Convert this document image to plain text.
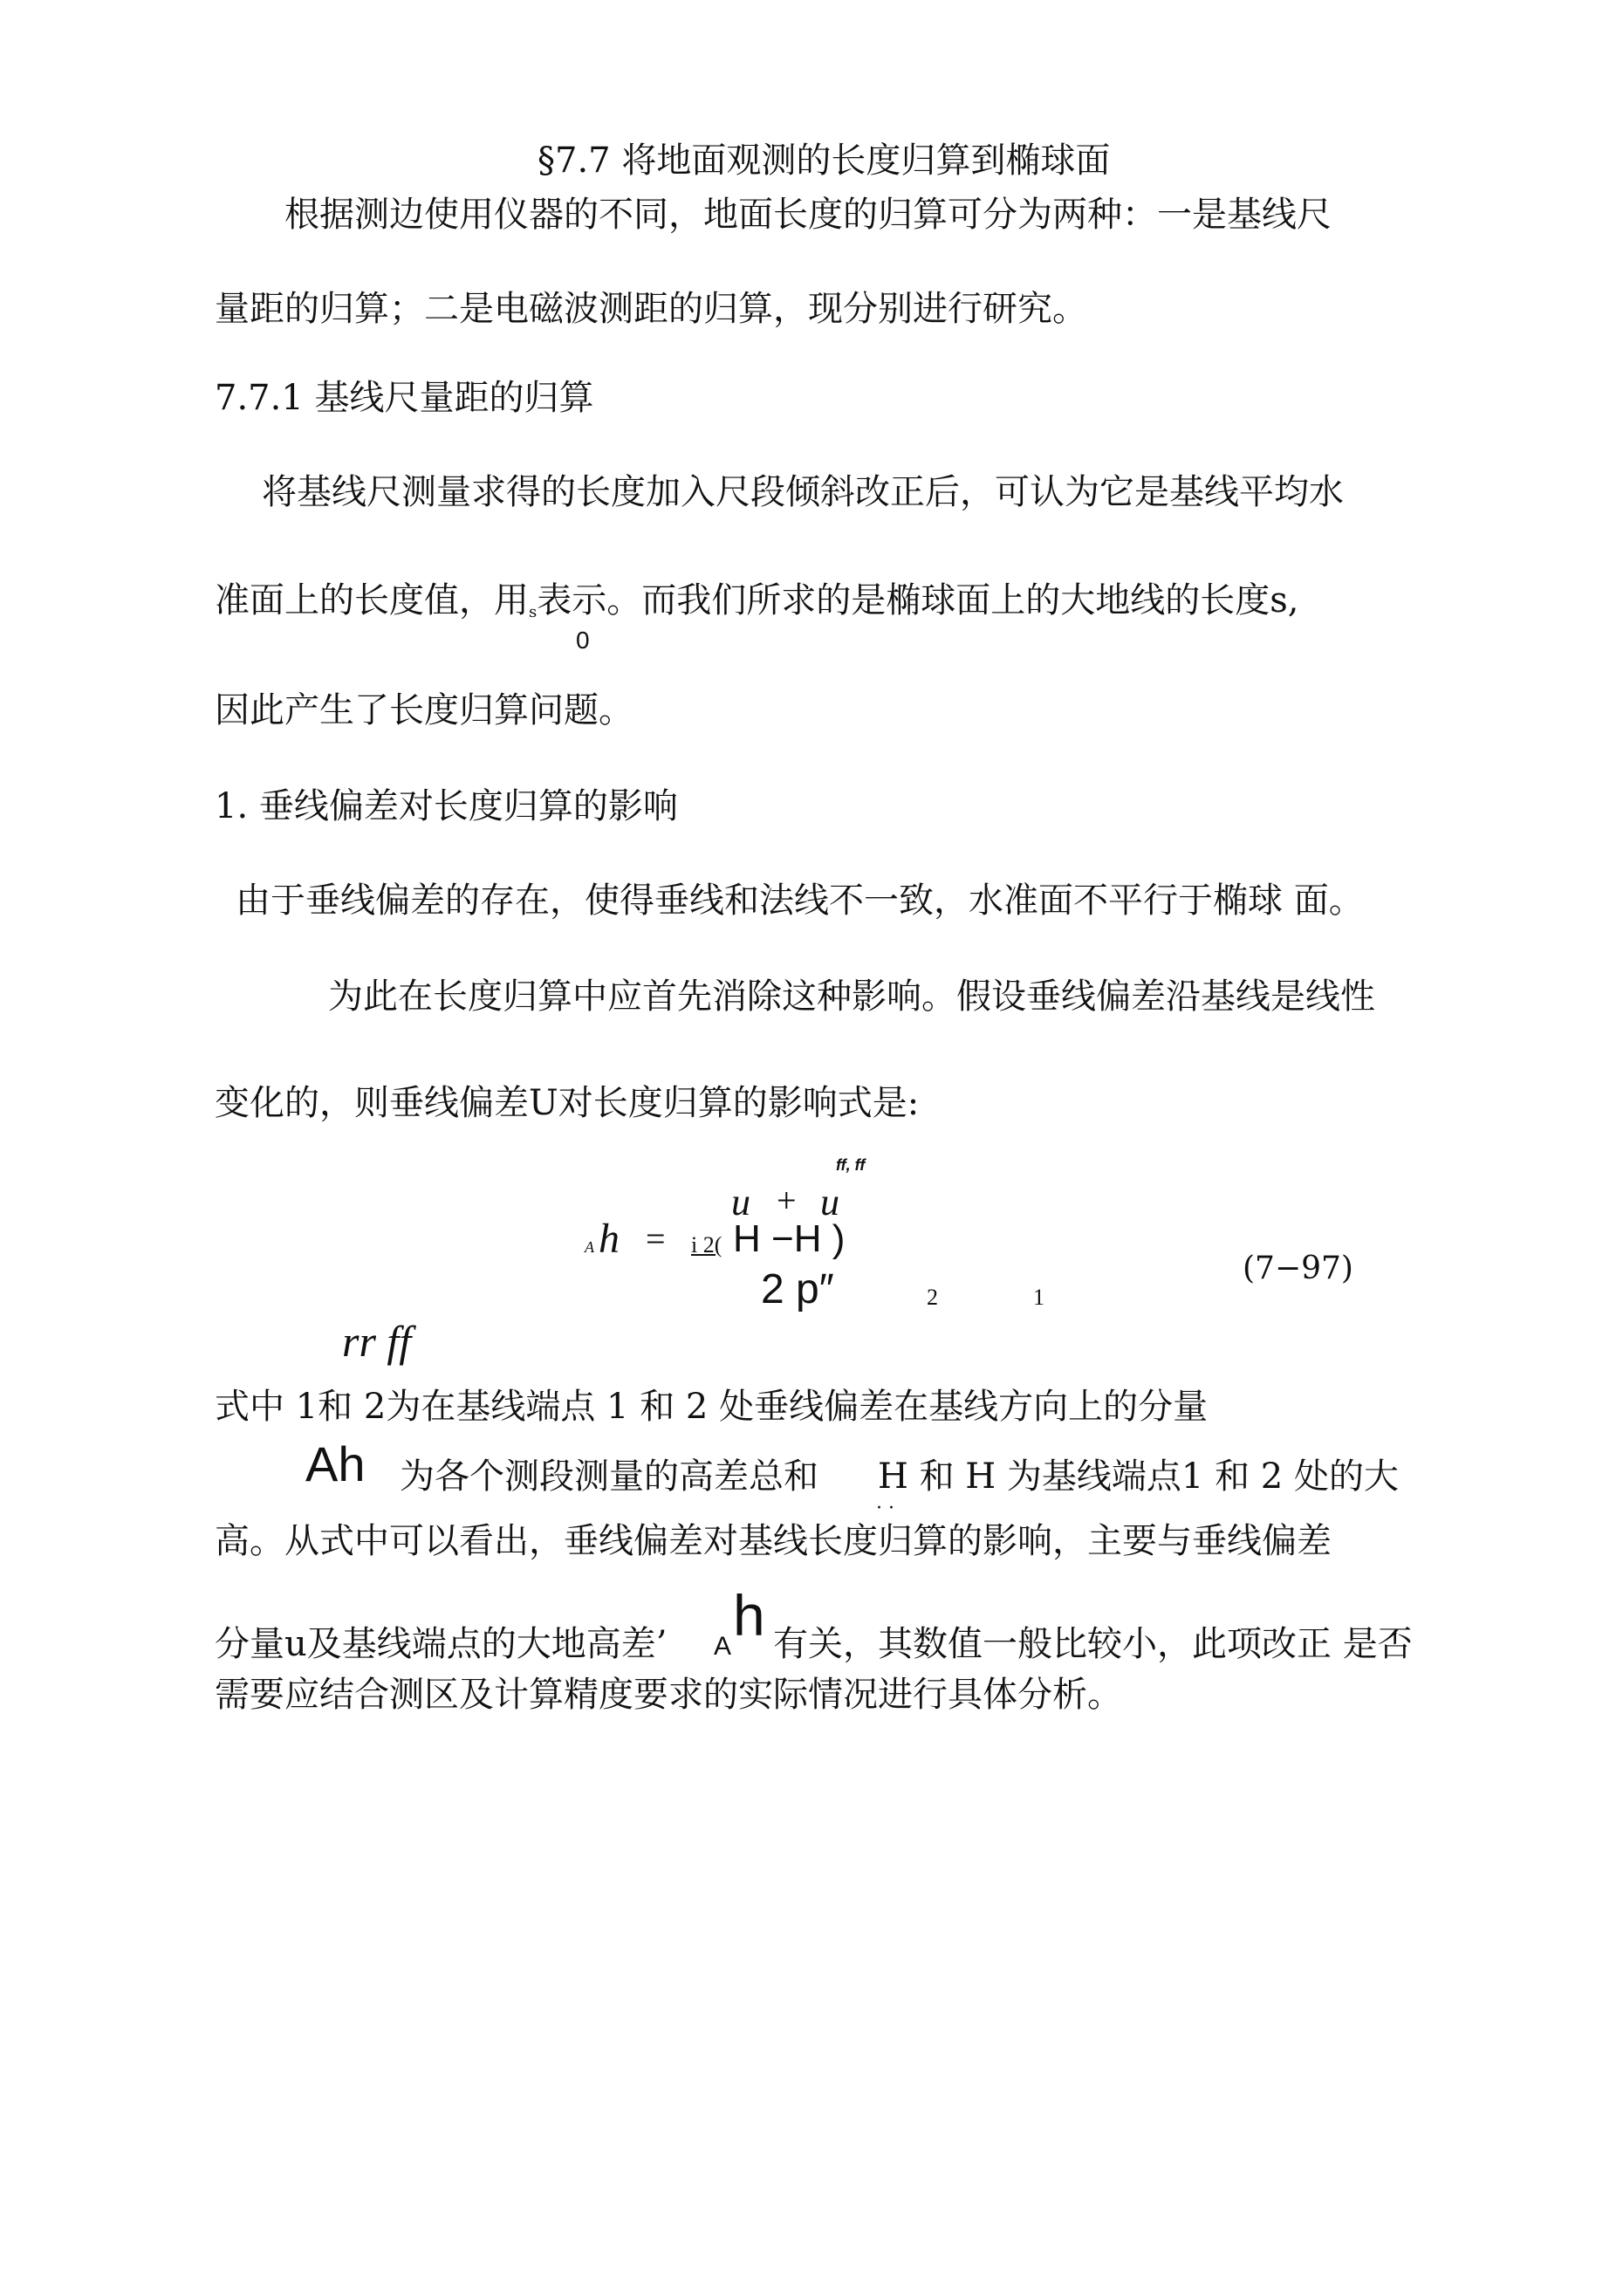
§7.7 将地面观测的长度归算到椭球面
根据测边使用仪器的不同，地面长度的归算可分为两种：一是基线尺
量距的归算；二是电磁波测距的归算，现分别进行研究。
7.7.1 基线尺量距的归算
将基线尺测量求得的长度加入尺段倾斜改正后，可认为它是基线平均水
准面上的长度值，用s表示。而我们所求的是椭球面上的大地线的长度s,
0
因此产生了长度归算问题。
1. 垂线偏差对长度归算的影响
由于垂线偏差的存在，使得垂线和法线不一致，水准面不平行于椭球 面。
为此在长度归算中应首先消除这种影响。假设垂线偏差沿基线是线性
变化的，则垂线偏差U对长度归算的影响式是:
ff, ff
u + u
A h = i 2( H −H )
2 p″	2	1
(7−97)
rr ff
式中 1和 2为在基线端点 1 和 2 处垂线偏差在基线方向上的分量
Ah 为各个测段测量的高差总和 H 和 H 为基线端点1 和 2 处的大
· ·
高。从式中可以看出，垂线偏差对基线长度归算的影响，主要与垂线偏差
分量u及基线端点的大地高差’ A h 有关，其数值一般比较小，此项改正 是否
需要应结合测区及计算精度要求的实际情况进行具体分析。
